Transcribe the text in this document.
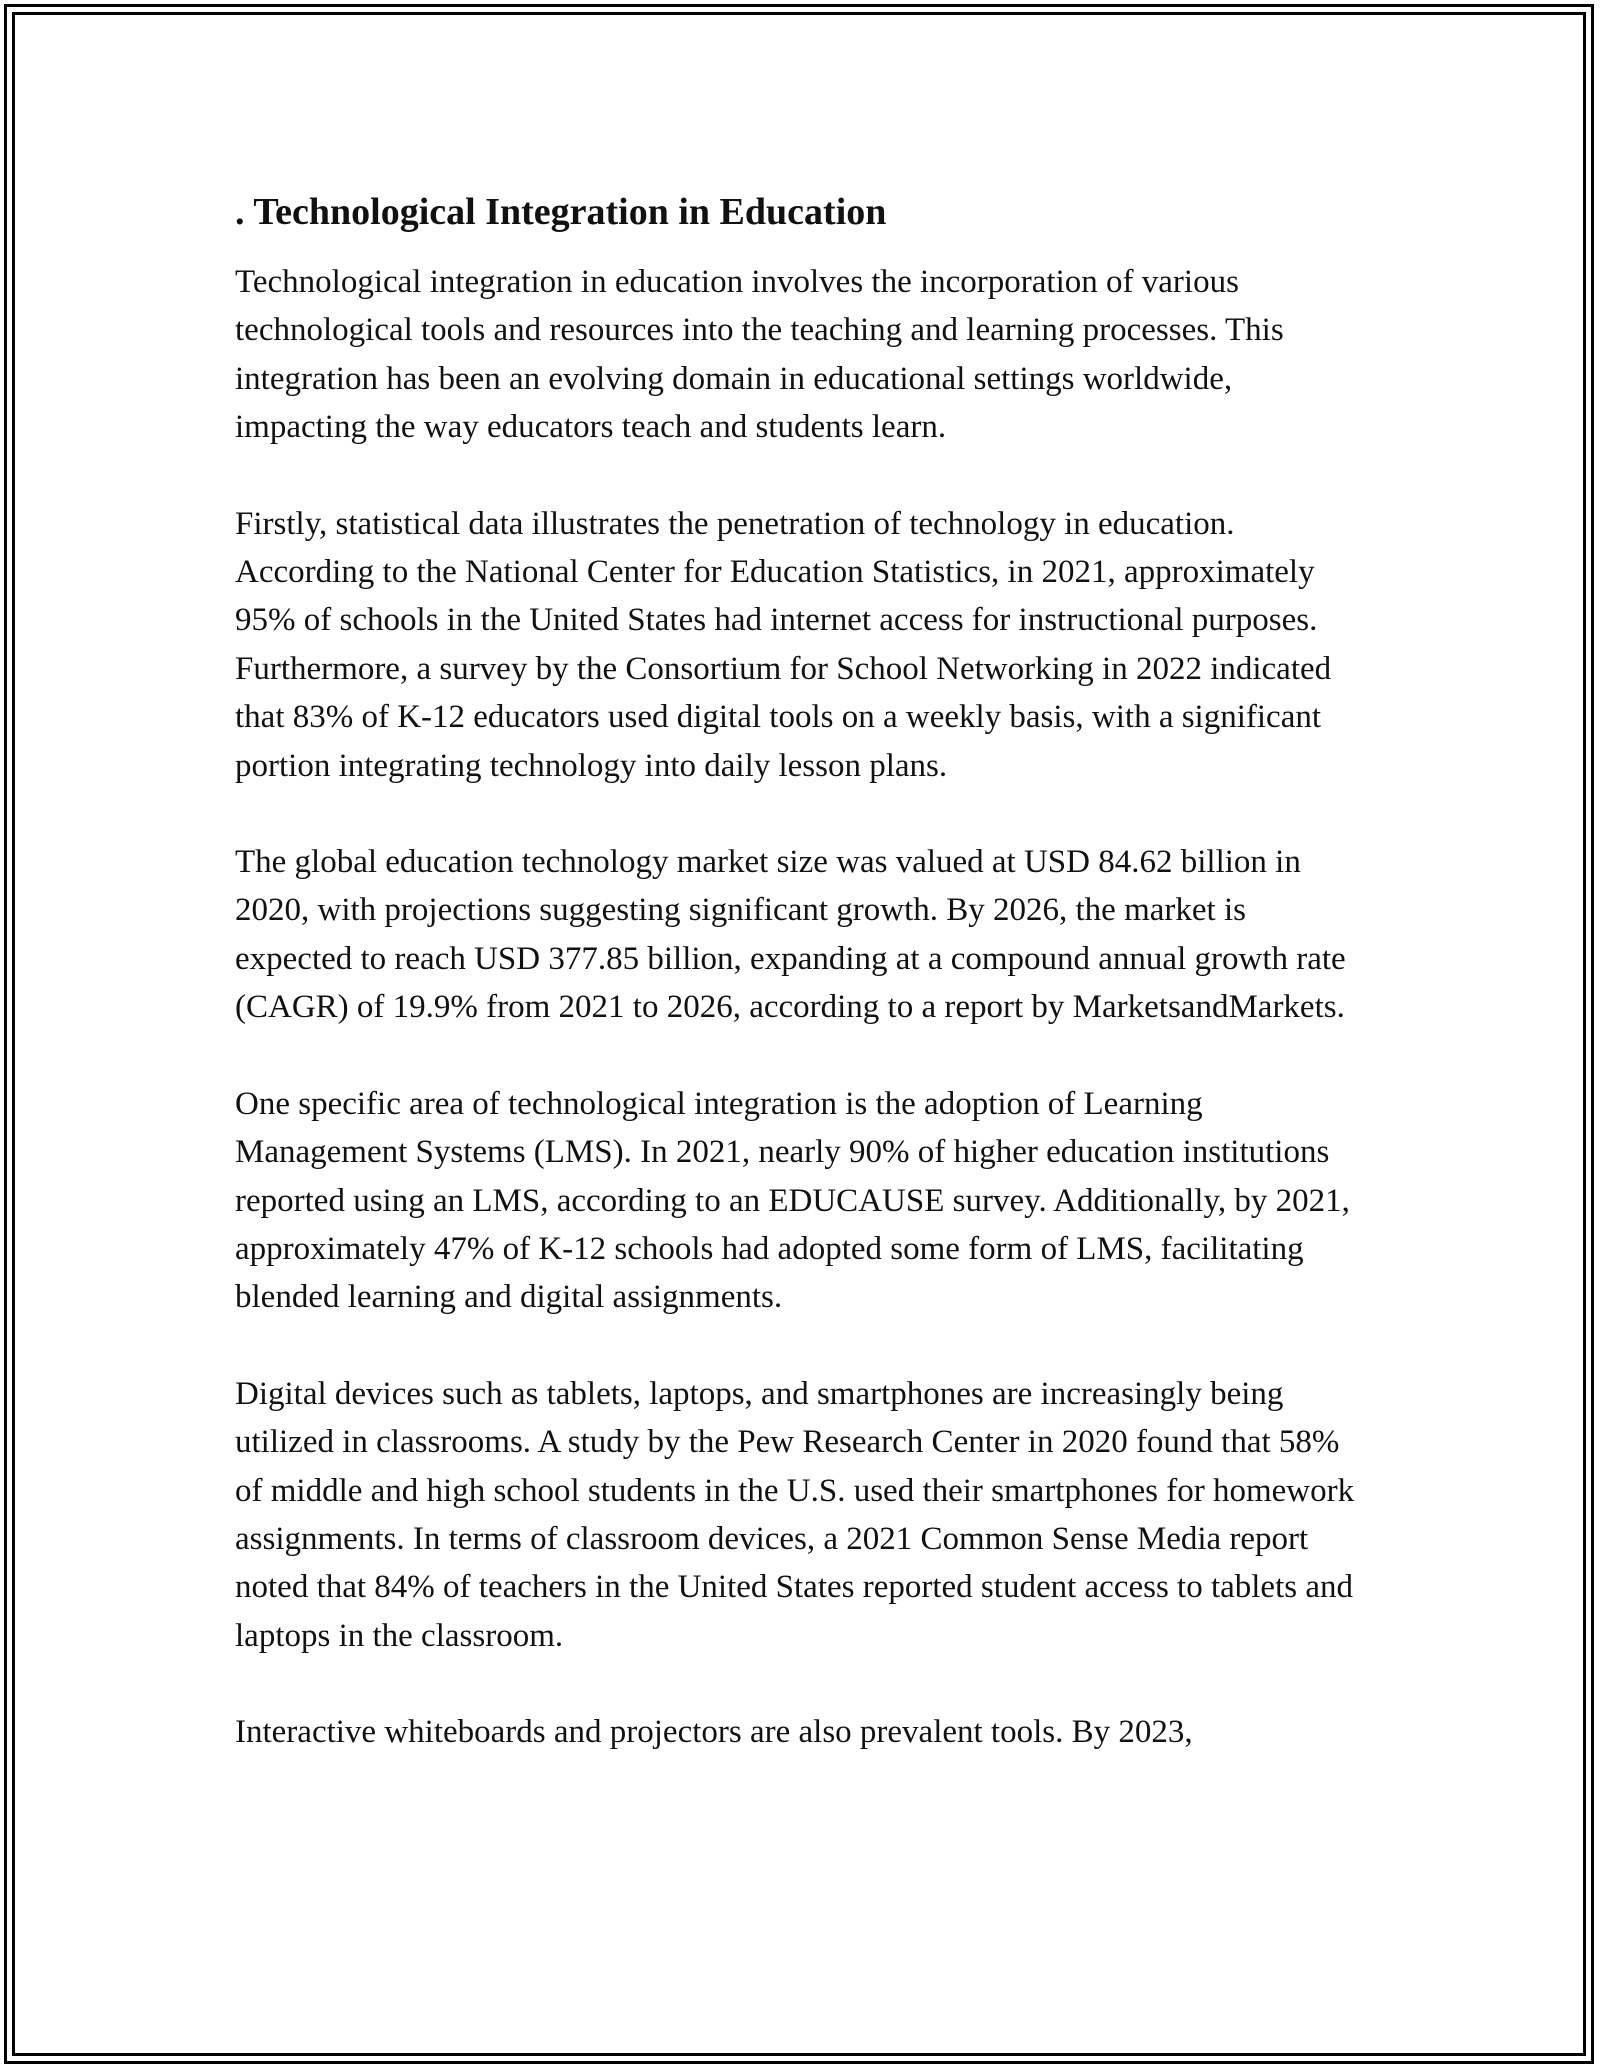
. Technological Integration in Education

Technological integration in education involves the incorporation of various technological tools and resources into the teaching and learning processes. This integration has been an evolving domain in educational settings worldwide, impacting the way educators teach and students learn.

Firstly, statistical data illustrates the penetration of technology in education. According to the National Center for Education Statistics, in 2021, approximately 95% of schools in the United States had internet access for instructional purposes. Furthermore, a survey by the Consortium for School Networking in 2022 indicated that 83% of K-12 educators used digital tools on a weekly basis, with a significant portion integrating technology into daily lesson plans.

The global education technology market size was valued at USD 84.62 billion in 2020, with projections suggesting significant growth. By 2026, the market is expected to reach USD 377.85 billion, expanding at a compound annual growth rate (CAGR) of 19.9% from 2021 to 2026, according to a report by MarketsandMarkets.

One specific area of technological integration is the adoption of Learning Management Systems (LMS). In 2021, nearly 90% of higher education institutions reported using an LMS, according to an EDUCAUSE survey. Additionally, by 2021, approximately 47% of K-12 schools had adopted some form of LMS, facilitating blended learning and digital assignments.

Digital devices such as tablets, laptops, and smartphones are increasingly being utilized in classrooms. A study by the Pew Research Center in 2020 found that 58% of middle and high school students in the U.S. used their smartphones for homework assignments. In terms of classroom devices, a 2021 Common Sense Media report noted that 84% of teachers in the United States reported student access to tablets and laptops in the classroom.

Interactive whiteboards and projectors are also prevalent tools. By 2023,
